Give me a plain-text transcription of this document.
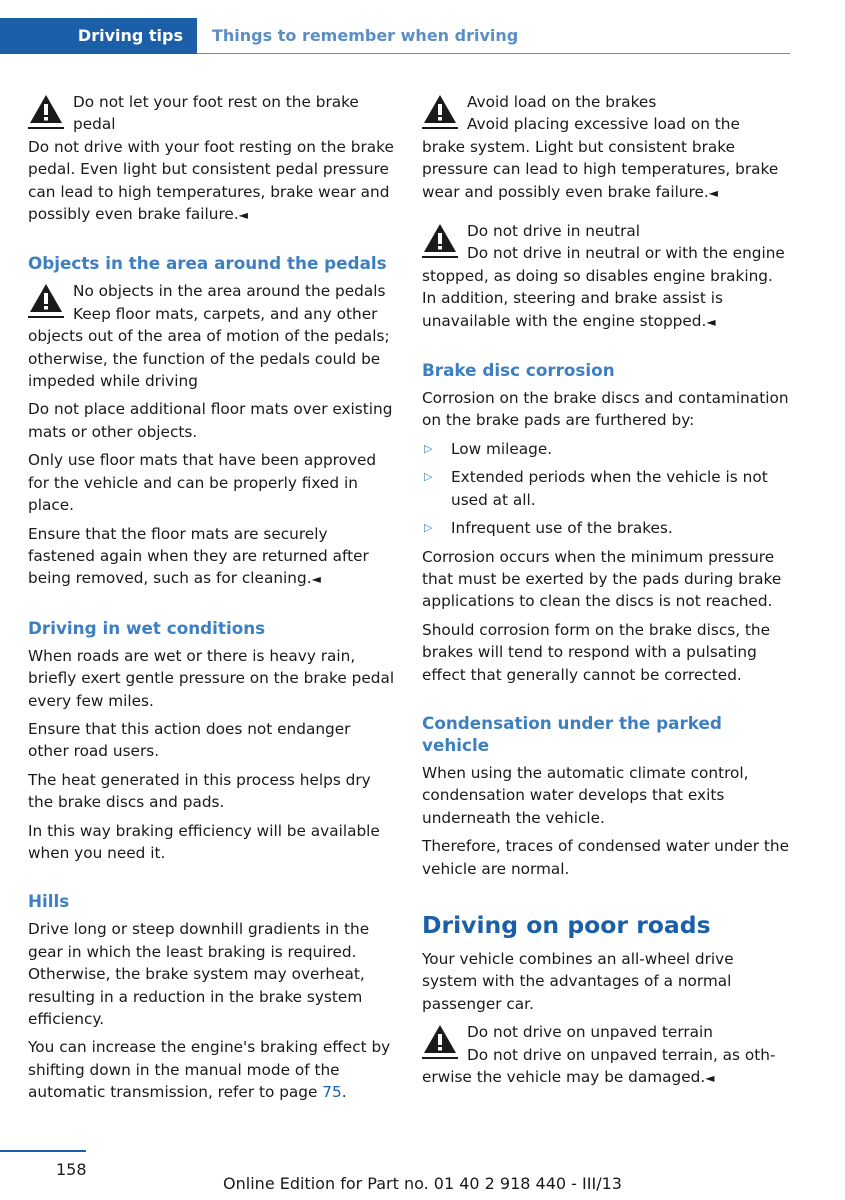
Driving tips	Things to remember when driving
Do not let your foot rest on the brake pedal
Do not drive with your foot resting on the brake pedal. Even light but consistent pedal pressure can lead to high temperatures, brake wear and possibly even brake failure.◄
Objects in the area around the pedals
No objects in the area around the pedals
Keep floor mats, carpets, and any other
objects out of the area of motion of the pedals; otherwise, the function of the pedals could be impeded while driving

Do not place additional floor mats over existing mats or other objects.

Only use floor mats that have been approved for the vehicle and can be properly fixed in place.

Ensure that the floor mats are securely fastened again when they are returned after being removed, such as for cleaning.◄

Driving in wet conditions

When roads are wet or there is heavy rain, briefly exert gentle pressure on the brake pedal every few miles.

Ensure that this action does not endanger other road users.

The heat generated in this process helps dry the brake discs and pads.

In this way braking efficiency will be available when you need it.

Hills

Drive long or steep downhill gradients in the gear in which the least braking is required. Otherwise, the brake system may overheat, resulting in a reduction in the brake system efficiency.

You can increase the engine's braking effect by shifting down in the manual mode of the automatic transmission, refer to page 75.

Avoid load on the brakes
Avoid placing excessive load on the
brake system. Light but consistent brake pressure can lead to high temperatures, brake wear and possibly even brake failure.◄
Do not drive in neutral
Do not drive in neutral or with the engine
stopped, as doing so disables engine braking. In addition, steering and brake assist is unavailable with the engine stopped.◄
Brake disc corrosion

Corrosion on the brake discs and contamination on the brake pads are furthered by:

▷ Low mileage.
▷ Extended periods when the vehicle is not used at all.
▷ Infrequent use of the brakes.

Corrosion occurs when the minimum pressure that must be exerted by the pads during brake applications to clean the discs is not reached.

Should corrosion form on the brake discs, the brakes will tend to respond with a pulsating effect that generally cannot be corrected.

Condensation under the parked vehicle

When using the automatic climate control, condensation water develops that exits underneath the vehicle.

Therefore, traces of condensed water under the vehicle are normal.

Driving on poor roads

Your vehicle combines an all-wheel drive system with the advantages of a normal passenger car.

Do not drive on unpaved terrain
Do not drive on unpaved terrain, as oth-
erwise the vehicle may be damaged.◄
158
Online Edition for Part no. 01 40 2 918 440 - III/13
